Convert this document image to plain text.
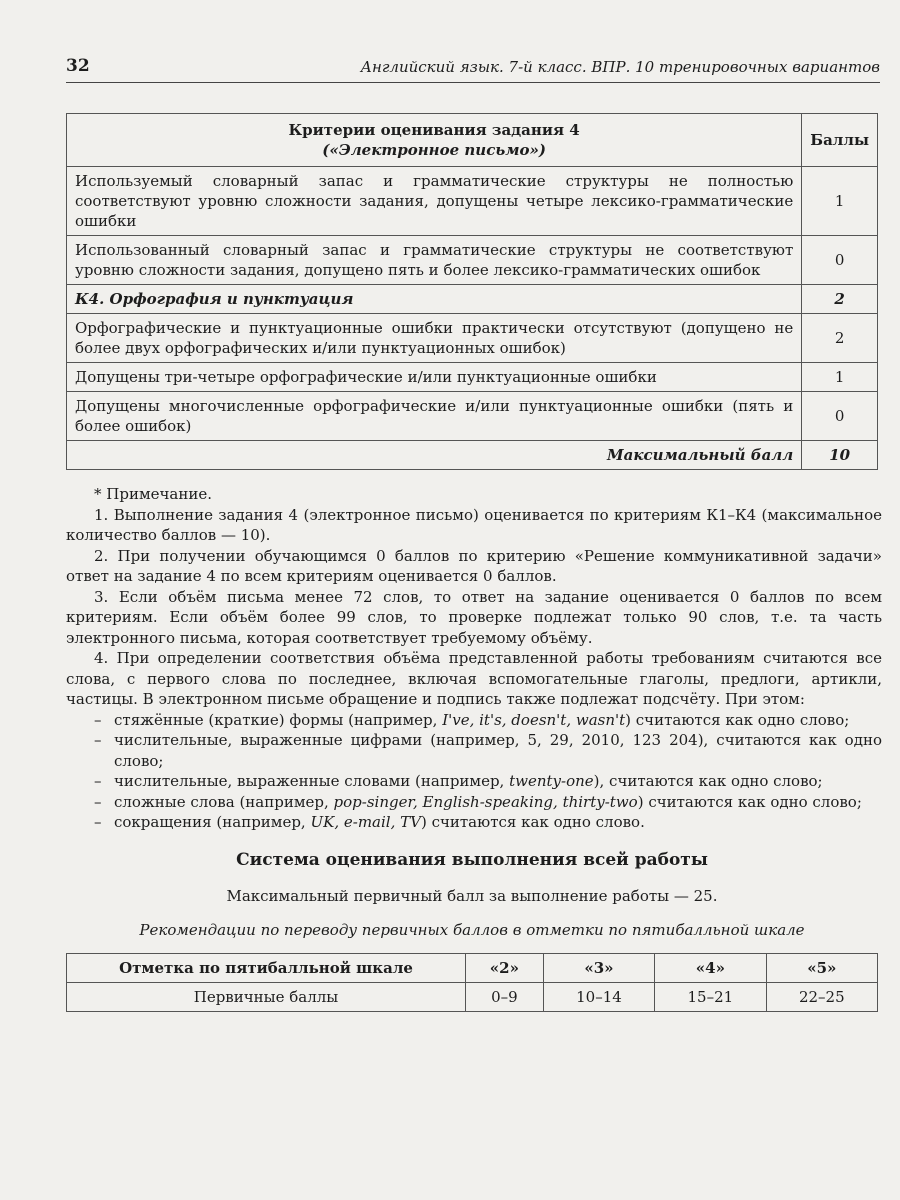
32	Английский язык. 7-й класс. ВПР. 10 тренировочных вариантов
Критерии оценивания задания 4
(«Электронное письмо»)	Баллы
Используемый словарный запас и грамматические структуры не полностью соответствуют уровню сложности задания, допущены четыре лексико-грамматические ошибки	1
Использованный словарный запас и грамматические структуры не соответствуют уровню сложности задания, допущено пять и более лексико-грамматических ошибок	0
К4. Орфография и пунктуация	2
Орфографические и пунктуационные ошибки практически отсутствуют (допущено не более двух орфографических и/или пунктуационных ошибок)	2
Допущены три-четыре орфографические и/или пунктуационные ошибки	1
Допущены многочисленные орфографические и/или пунктуационные ошибки (пять и более ошибок)	0
Максимальный балл	10

* Примечание.

1. Выполнение задания 4 (электронное письмо) оценивается по критериям К1–К4 (максимальное количество баллов — 10).

2. При получении обучающимся 0 баллов по критерию «Решение коммуникативной задачи» ответ на задание 4 по всем критериям оценивается 0 баллов.

3. Если объём письма менее 72 слов, то ответ на задание оценивается 0 баллов по всем критериям. Если объём более 99 слов, то проверке подлежат только 90 слов, т.е. та часть электронного письма, которая соответствует требуемому объёму.

4. При определении соответствия объёма представленной работы требованиям считаются все слова, с первого слова по последнее, включая вспомогательные глаголы, предлоги, артикли, частицы. В электронном письме обращение и подпись также подлежат подсчёту. При этом:

– стяжённые (краткие) формы (например, I've, it's, doesn't, wasn't) считаются как одно слово;
– числительные, выраженные цифрами (например, 5, 29, 2010, 123 204), считаются как одно слово;
– числительные, выраженные словами (например, twenty-one), считаются как одно слово;
– сложные слова (например, pop-singer, English-speaking, thirty-two) считаются как одно слово;
– сокращения (например, UK, e-mail, TV) считаются как одно слово.
Система оценивания выполнения всей работы
Максимальный первичный балл за выполнение работы — 25.
Рекомендации по переводу первичных баллов в отметки по пятибалльной шкале
Отметка по пятибалльной шкале	«2»	«3»	«4»	«5»
Первичные баллы	0–9	10–14	15–21	22–25
